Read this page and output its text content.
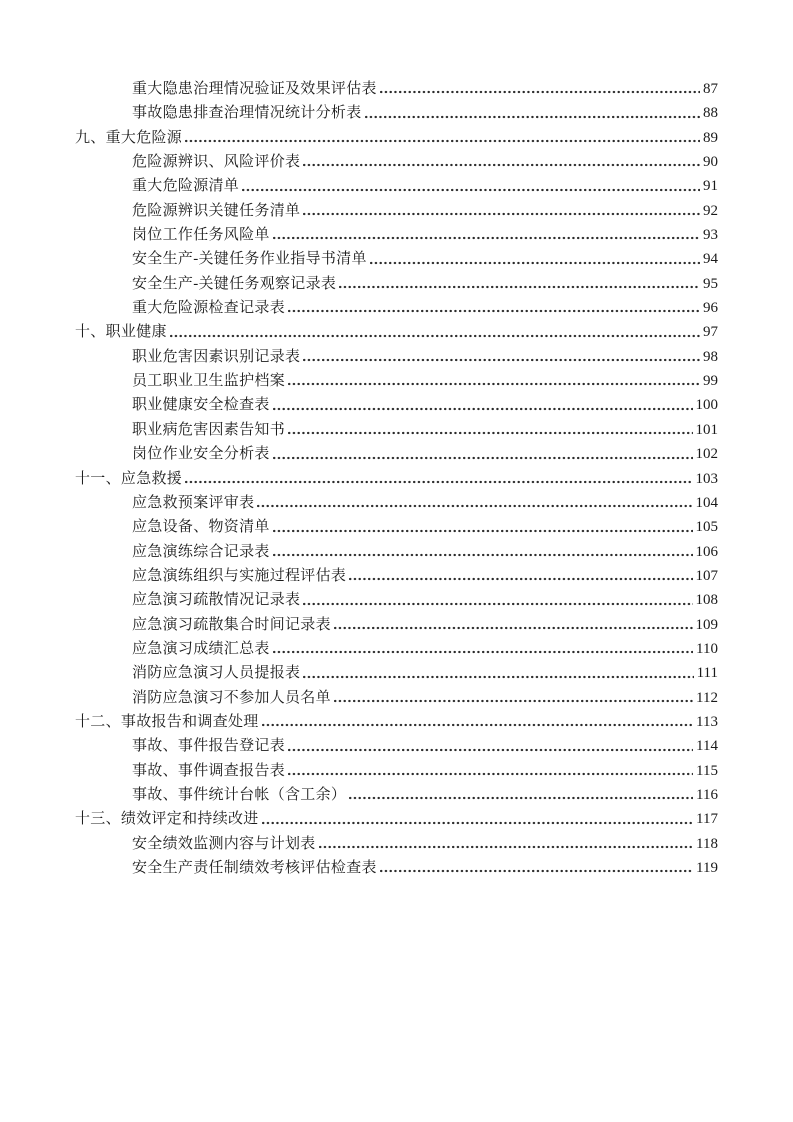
重大隐患治理情况验证及效果评估表	87
事故隐患排查治理情况统计分析表	88
九、重大危险源	89
危险源辨识、风险评价表	90
重大危险源清单	91
危险源辨识关键任务清单	92
岗位工作任务风险单	93
安全生产-关键任务作业指导书清单	94
安全生产-关键任务观察记录表	95
重大危险源检查记录表	96
十、职业健康	97
职业危害因素识别记录表	98
员工职业卫生监护档案	99
职业健康安全检查表	100
职业病危害因素告知书	101
岗位作业安全分析表	102
十一、应急救援	103
应急救预案评审表	104
应急设备、物资清单	105
应急演练综合记录表	106
应急演练组织与实施过程评估表	107
应急演习疏散情况记录表	108
应急演习疏散集合时间记录表	109
应急演习成绩汇总表	110
消防应急演习人员提报表	111
消防应急演习不参加人员名单	112
十二、事故报告和调查处理	113
事故、事件报告登记表	114
事故、事件调查报告表	115
事故、事件统计台帐（含工余）	116
十三、绩效评定和持续改进	117
安全绩效监测内容与计划表	118
安全生产责任制绩效考核评估检查表	119
